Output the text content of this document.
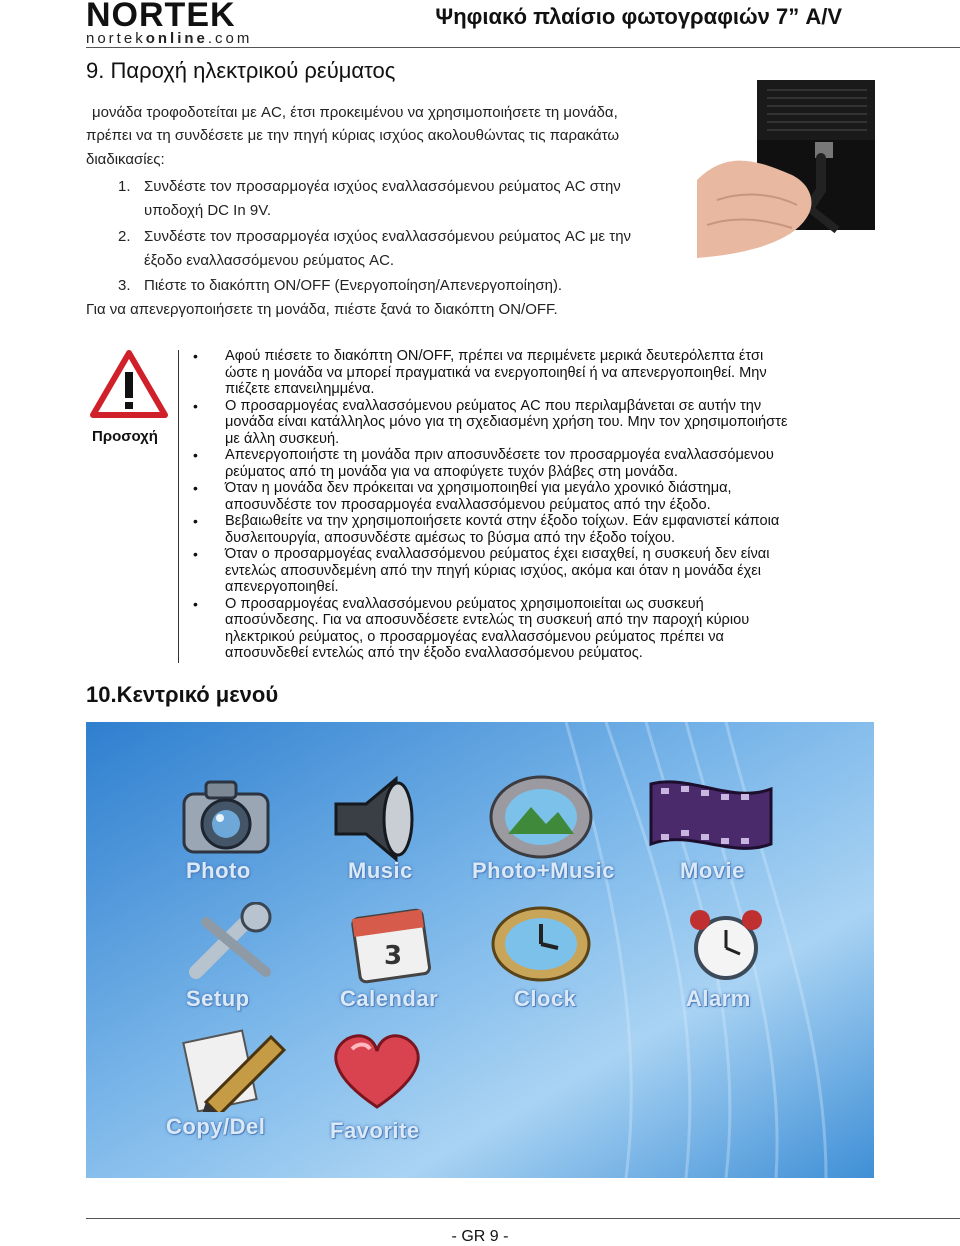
NORTEK
nortekonline.com
Ψηφιακό πλαίσιο φωτογραφιών 7” A/V
9. Παροχή ηλεκτρικού ρεύματος
μονάδα τροφοδοτείται με AC, έτσι προκειμένου να χρησιμοποιήσετε τη μονάδα,
πρέπει να τη συνδέσετε με την πηγή κύριας ισχύος ακολουθώντας τις παρακάτω
διαδικασίες:
1. Συνδέστε τον προσαρμογέα ισχύος εναλλασσόμενου ρεύματος AC στην
υποδοχή DC In 9V.
2. Συνδέστε τον προσαρμογέα ισχύος εναλλασσόμενου ρεύματος AC με την
έξοδο εναλλασσόμενου ρεύματος AC.
3. Πιέστε το διακόπτη ON/OFF (Ενεργοποίηση/Απενεργοποίηση).
Για να απενεργοποιήσετε τη μονάδα, πιέστε ξανά το διακόπτη ON/OFF.
Προσοχή
• Αφού πιέσετε το διακόπτη ON/OFF, πρέπει να περιμένετε μερικά δευτερόλεπτα έτσι
ώστε η μονάδα να μπορεί πραγματικά να ενεργοποιηθεί ή να απενεργοποιηθεί. Μην
πιέζετε επανειλημμένα.
• Ο προσαρμογέας εναλλασσόμενου ρεύματος AC που περιλαμβάνεται σε αυτήν την
μονάδα είναι κατάλληλος μόνο για τη σχεδιασμένη χρήση του. Μην τον χρησιμοποιήστε
με άλλη συσκευή.
• Απενεργοποιήστε τη μονάδα πριν αποσυνδέσετε τον προσαρμογέα εναλλασσόμενου
ρεύματος από τη μονάδα για να αποφύγετε τυχόν βλάβες στη μονάδα.
• Όταν η μονάδα δεν πρόκειται να χρησιμοποιηθεί για μεγάλο χρονικό διάστημα,
αποσυνδέστε τον προσαρμογέα εναλλασσόμενου ρεύματος από την έξοδο.
• Βεβαιωθείτε να την χρησιμοποιήσετε κοντά στην έξοδο τοίχων. Εάν εμφανιστεί κάποια
δυσλειτουργία, αποσυνδέστε αμέσως το βύσμα από την έξοδο τοίχου.
• Όταν ο προσαρμογέας εναλλασσόμενου ρεύματος έχει εισαχθεί, η συσκευή δεν είναι
εντελώς αποσυνδεμένη από την πηγή κύριας ισχύος, ακόμα και όταν η μονάδα έχει
απενεργοποιηθεί.
• Ο προσαρμογέας εναλλασσόμενου ρεύματος χρησιμοποιείται ως συσκευή
αποσύνδεσης. Για να αποσυνδέσετε εντελώς τη συσκευή από την παροχή κύριου
ηλεκτρικού ρεύματος, ο προσαρμογέας εναλλασσόμενου ρεύματος πρέπει να
αποσυνδεθεί εντελώς από την έξοδο εναλλασσόμενου ρεύματος.
10.Κεντρικό μενού
Photo	Music	Photo+Music	Movie
3
Setup	Calendar	Clock	Alarm
Copy/Del	Favorite
- GR 9 -
